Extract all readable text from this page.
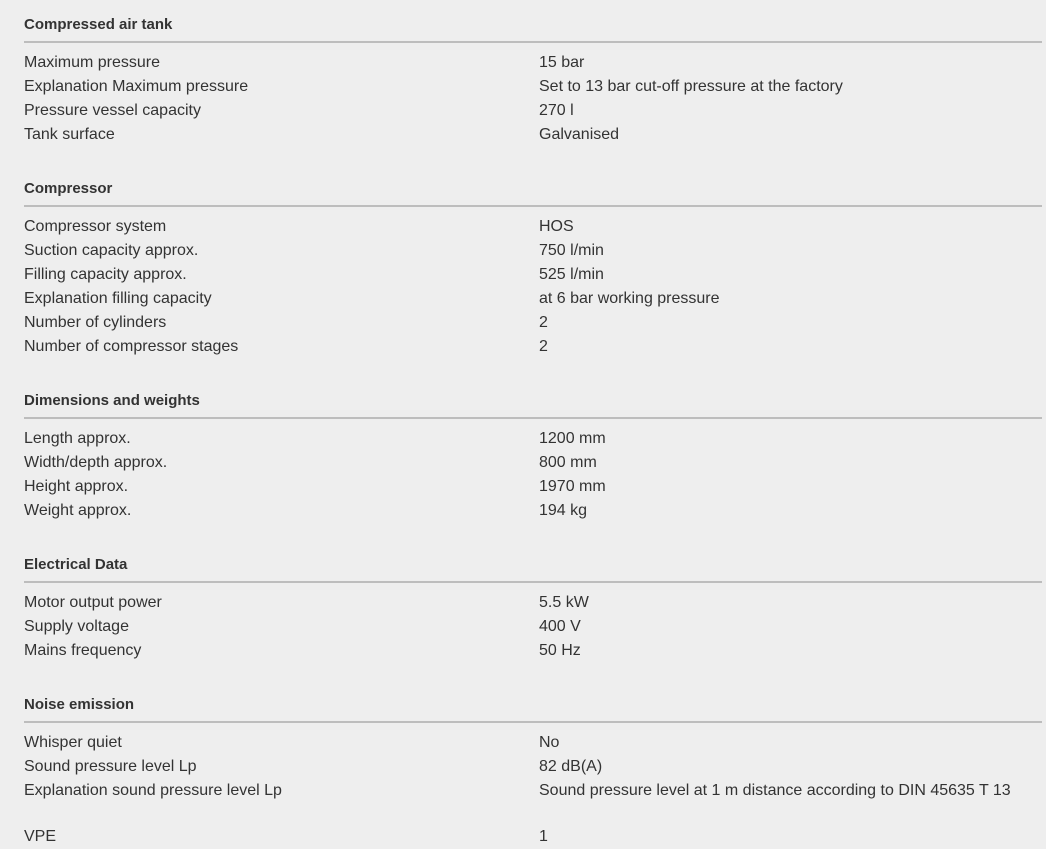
Compressed air tank
Maximum pressure	15 bar
Explanation Maximum pressure	Set to 13 bar cut-off pressure at the factory
Pressure vessel capacity	270 l
Tank surface	Galvanised
Compressor
Compressor system	HOS
Suction capacity approx.	750 l/min
Filling capacity approx.	525 l/min
Explanation filling capacity	at 6 bar working pressure
Number of cylinders	2
Number of compressor stages	2
Dimensions and weights
Length approx.	1200 mm
Width/depth approx.	800 mm
Height approx.	1970 mm
Weight approx.	194 kg
Electrical Data
Motor output power	5.5 kW
Supply voltage	400 V
Mains frequency	50 Hz
Noise emission
Whisper quiet	No
Sound pressure level Lp	82 dB(A)
Explanation sound pressure level Lp	Sound pressure level at 1 m distance according to DIN 45635 T 13
VPE	1
